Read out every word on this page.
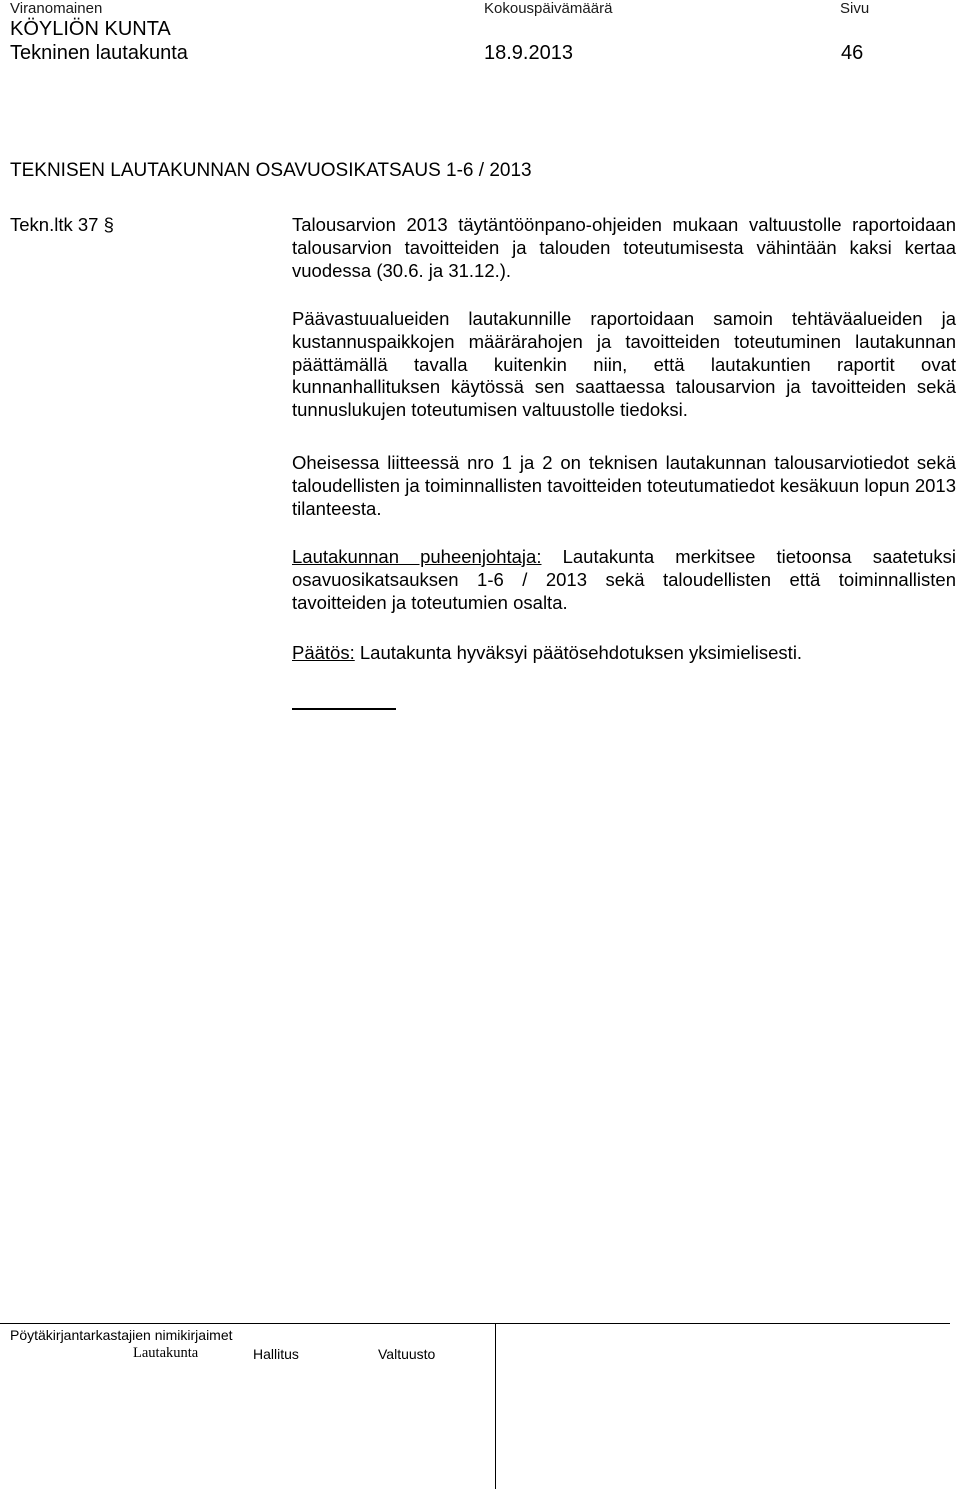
Viranomainen	Kokouspäivämäärä	Sivu
KÖYLIÖN KUNTA
Tekninen lautakunta	18.9.2013	46
TEKNISEN LAUTAKUNNAN OSAVUOSIKATSAUS 1-6 / 2013
Tekn.ltk 37 §	Talousarvion 2013 täytäntöönpano-ohjeiden mukaan valtuustolle raportoidaan talousarvion tavoitteiden ja talouden toteutumisesta vähintään kaksi kertaa vuodessa (30.6. ja 31.12.).

Päävastuualueiden lautakunnille raportoidaan samoin tehtäväalueiden ja kustannuspaikkojen määrärahojen ja tavoitteiden toteutuminen lautakunnan päättämällä tavalla kuitenkin niin, että lautakuntien raportit ovat kunnanhallituksen käytössä sen saattaessa talousarvion ja tavoitteiden sekä tunnuslukujen toteutumisen valtuustolle tiedoksi.

Oheisessa liitteessä nro 1 ja 2 on teknisen lautakunnan talousarviotiedot sekä taloudellisten ja toiminnallisten tavoitteiden toteutumatiedot kesäkuun lopun 2013 tilanteesta.

Lautakunnan puheenjohtaja: Lautakunta merkitsee tietoonsa saatetuksi osavuosikatsauksen 1-6 / 2013 sekä taloudellisten että toiminnallisten tavoitteiden ja toteutumien osalta.

Päätös: Lautakunta hyväksyi päätösehdotuksen yksimielisesti.

Pöytäkirjantarkastajien nimikirjaimet
Lautakunta	Hallitus	Valtuusto
